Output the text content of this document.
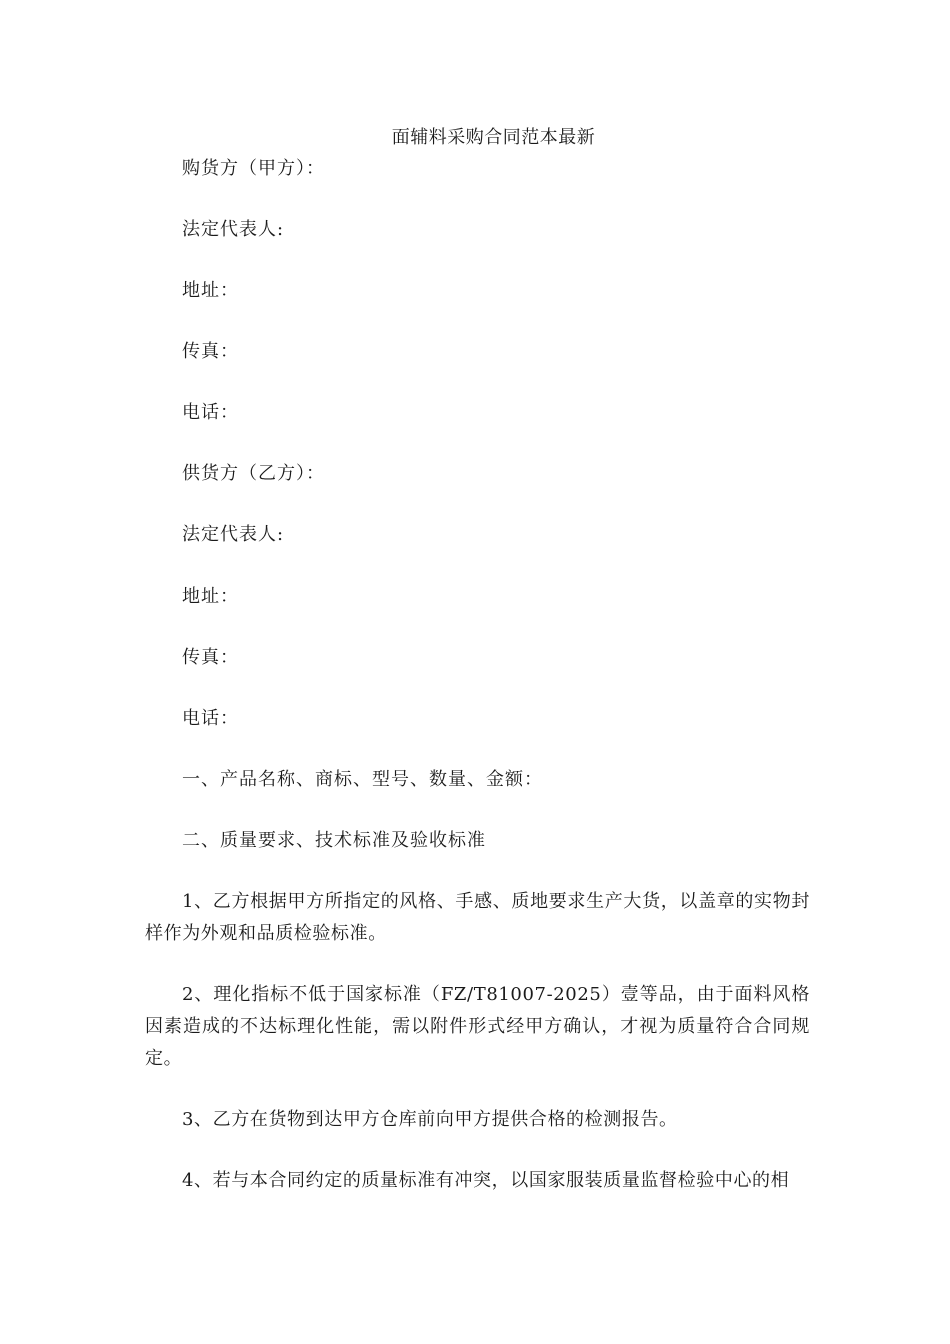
面辅料采购合同范本最新
购货方（甲方）：
法定代表人:
地址：
传真：
电话：
供货方（乙方）：
法定代表人:
地址：
传真：
电话：
一、产品名称、商标、型号、数量、金额：
二、质量要求、技术标准及验收标准
1、乙方根据甲方所指定的风格、手感、质地要求生产大货，以盖章的实物封样作为外观和品质检验标准。
2、理化指标不低于国家标准（FZ/T81007-2025）壹等品，由于面料风格因素造成的不达标理化性能，需以附件形式经甲方确认，才视为质量符合合同规定。
3、乙方在货物到达甲方仓库前向甲方提供合格的检测报告。
4、若与本合同约定的质量标准有冲突，以国家服装质量监督检验中心的相
